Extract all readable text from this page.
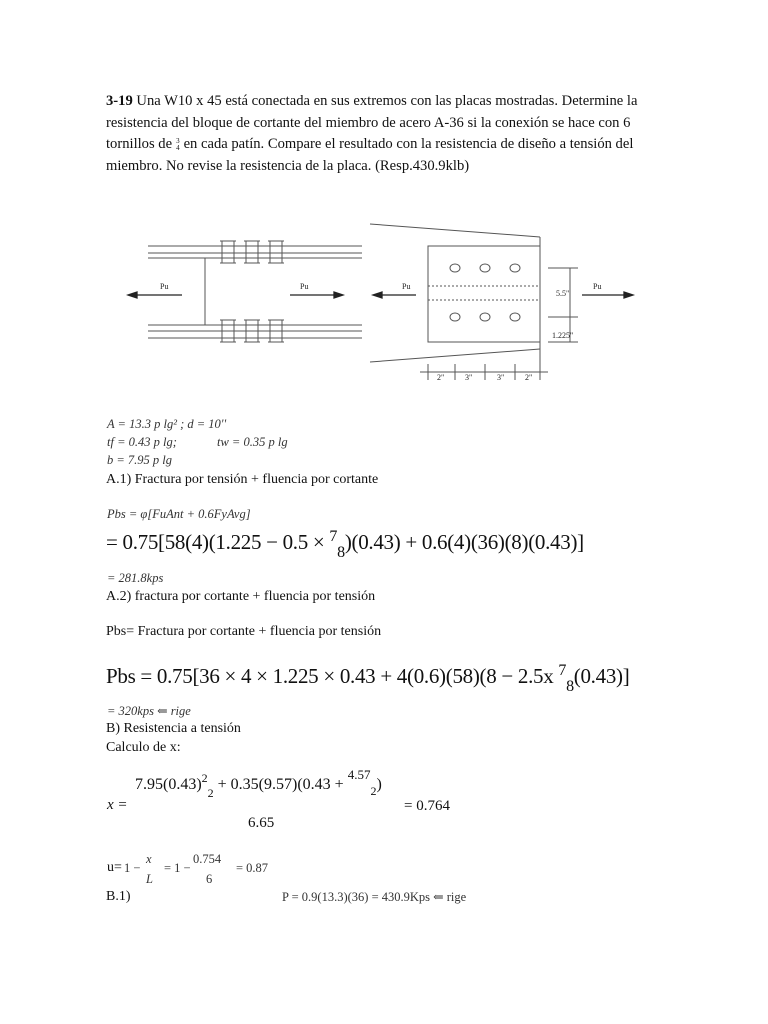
3-19 Una W10 x 45 está conectada en sus extremos con las placas mostradas. Determine la

resistencia del bloque de cortante del miembro de acero A-36 si la conexión se hace con 6

tornillos de 3
4 en cada patín. Compare el resultado con la resistencia de diseño a tensión del

miembro. No revise la resistencia de la placa. (Resp.430.9klb)

Pu	Pu	Pu	Pu
5.5"
1.225"
2"	3"	3"	2"
A = 13.3 p lg² ; d = 10''
tf = 0.43 p lg;	tw = 0.35 p lg
b = 7.95 p lg
A.1) Fractura por tensión + fluencia por cortante
Pbs = φ[FuAnt + 0.6FyAvg]
= 0.75[58(4)(1.225 − 0.5 × $^7_8$)(0.43) + 0.6(4)(36)(8)(0.43)]
= 281.8kps
A.2) fractura por cortante + fluencia por tensión
Pbs= Fractura por cortante + fluencia por tensión
Pbs = 0.75[36 × 4 × 1.225 × 0.43 + 4(0.6)(58)(8 − 2.5x $^7_8$(0.43)]
= 320kps ⇐ rige
B) Resistencia a tensión
Calculo de x:
x =
$7.95(0.43)^2_2 + 0.35(9.57)(0.43 + ^{4.57}_2)$
6.65
= 0.764
u= 1 −
x
L
= 1 −
0.754
6
= 0.87
B.1)	P = 0.9(13.3)(36) = 430.9Kps ⇐ rige
